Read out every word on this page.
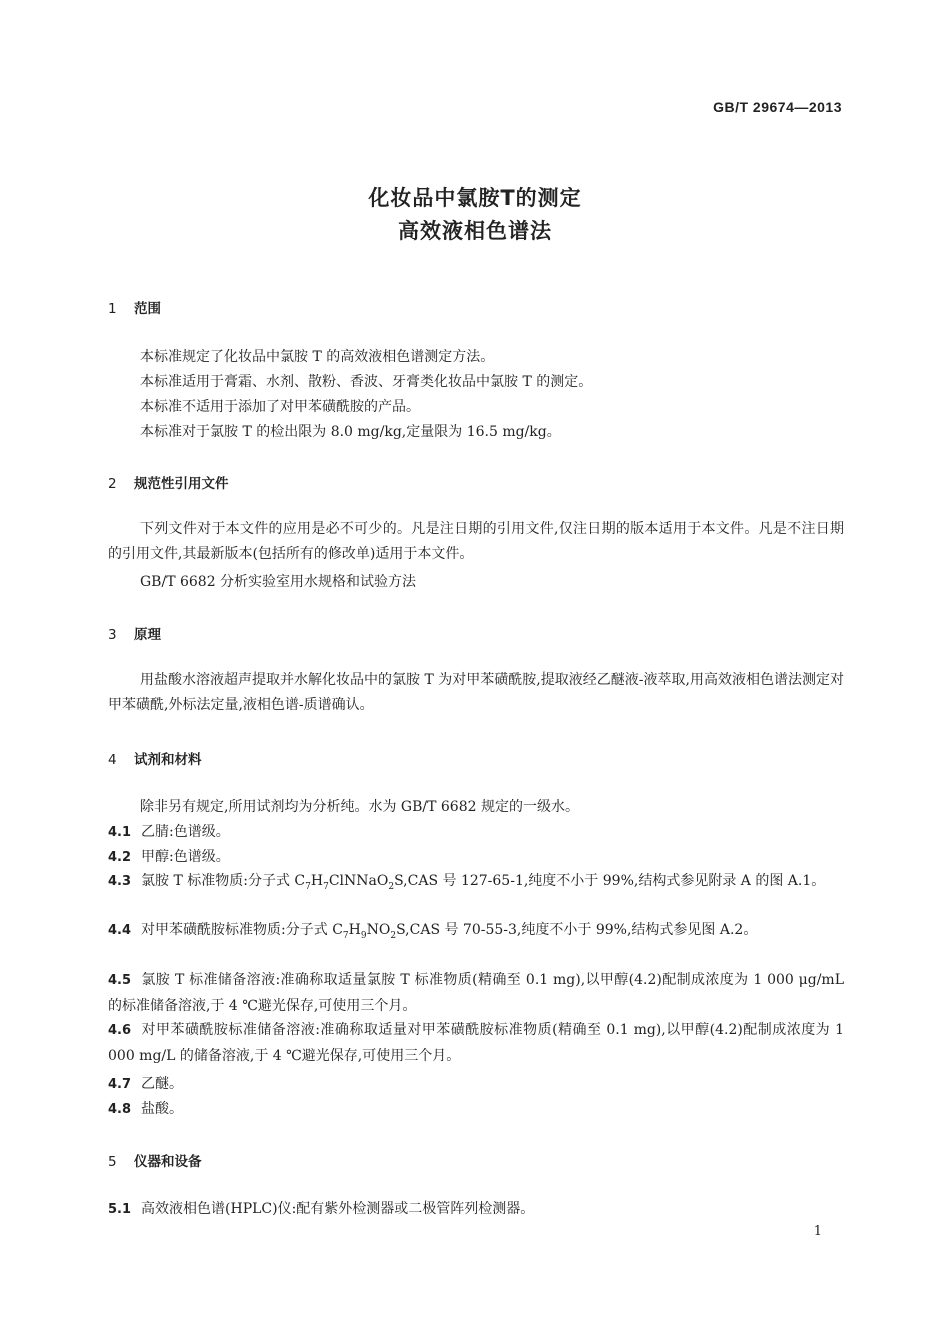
GB/T 29674—2013
化妆品中氯胺T的测定
高效液相色谱法
1 范围
本标准规定了化妆品中氯胺 T 的高效液相色谱测定方法。
本标准适用于膏霜、水剂、散粉、香波、牙膏类化妆品中氯胺 T 的测定。
本标准不适用于添加了对甲苯磺酰胺的产品。
本标准对于氯胺 T 的检出限为 8.0 mg/kg,定量限为 16.5 mg/kg。
2 规范性引用文件
下列文件对于本文件的应用是必不可少的。凡是注日期的引用文件,仅注日期的版本适用于本文件。凡是不注日期的引用文件,其最新版本(包括所有的修改单)适用于本文件。
GB/T 6682 分析实验室用水规格和试验方法
3 原理
用盐酸水溶液超声提取并水解化妆品中的氯胺 T 为对甲苯磺酰胺,提取液经乙醚液-液萃取,用高效液相色谱法测定对甲苯磺酰,外标法定量,液相色谱-质谱确认。
4 试剂和材料
除非另有规定,所用试剂均为分析纯。水为 GB/T 6682 规定的一级水。
4.1 乙腈:色谱级。
4.2 甲醇:色谱级。
4.3 氯胺 T 标准物质:分子式 $C_7H_7ClNNaO_2S,CAS$ 号 127-65-1,纯度不小于 99%,结构式参见附录 A 的图 A.1。
4.4 对甲苯磺酰胺标准物质:分子式 $C_7H_9NO_2S,CAS$ 号 70-55-3,纯度不小于 99%,结构式参见图 A.2。
4.5 氯胺 T 标准储备溶液:准确称取适量氯胺 T 标准物质(精确至 0.1 mg),以甲醇(4.2)配制成浓度为 1 000 μg/mL 的标准储备溶液,于 4 ℃避光保存,可使用三个月。
4.6 对甲苯磺酰胺标准储备溶液:准确称取适量对甲苯磺酰胺标准物质(精确至 0.1 mg),以甲醇(4.2)配制成浓度为 1 000 mg/L 的储备溶液,于 4 ℃避光保存,可使用三个月。
4.7 乙醚。
4.8 盐酸。
5 仪器和设备
5.1 高效液相色谱(HPLC)仪:配有紫外检测器或二极管阵列检测器。
1
